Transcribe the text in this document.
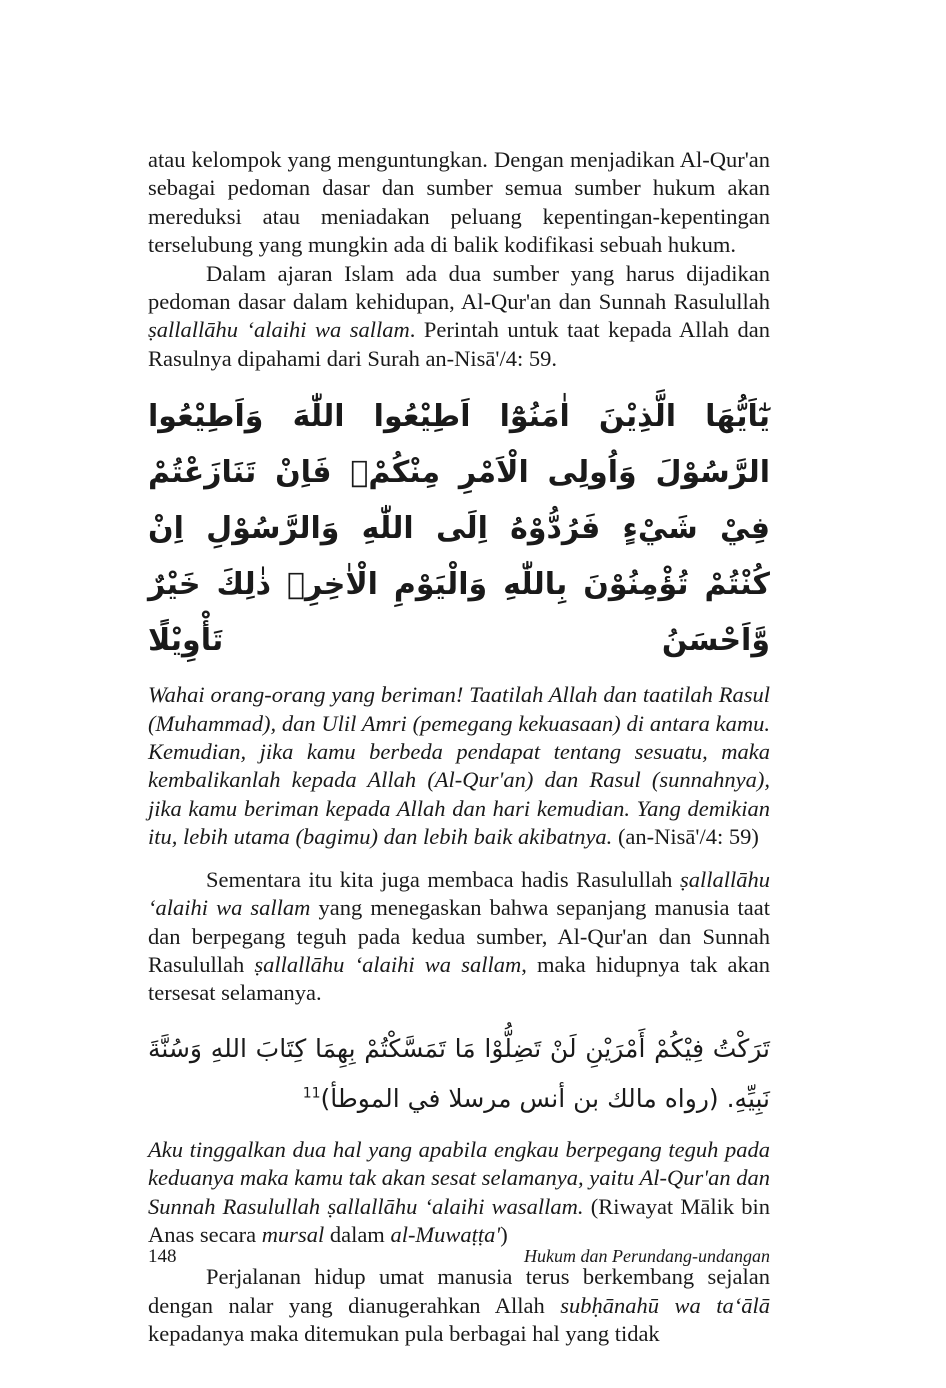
atau kelompok yang menguntungkan. Dengan menjadikan Al-Qur'an sebagai pedoman dasar dan sumber semua sumber hukum akan mereduksi atau meniadakan peluang kepentingan-kepentingan terselubung yang mungkin ada di balik kodifikasi sebuah hukum.

Dalam ajaran Islam ada dua sumber yang harus dijadikan pedoman dasar dalam kehidupan, Al-Qur'an dan Sunnah Rasulullah ṣallallāhu ‘alaihi wa sallam. Perintah untuk taat kepada Allah dan Rasulnya dipahami dari Surah an-Nisā'/4: 59.

يٰٓاَيُّهَا الَّذِيْنَ اٰمَنُوْٓا اَطِيْعُوا اللّٰهَ وَاَطِيْعُوا الرَّسُوْلَ وَاُولِى الْاَمْرِ مِنْكُمْۚ فَاِنْ تَنَازَعْتُمْ فِيْ شَيْءٍ فَرُدُّوْهُ اِلَى اللّٰهِ وَالرَّسُوْلِ اِنْ كُنْتُمْ تُؤْمِنُوْنَ بِاللّٰهِ وَالْيَوْمِ الْاٰخِرِۗ ذٰلِكَ خَيْرٌ وَّاَحْسَنُ تَأْوِيْلًا

Wahai orang-orang yang beriman! Taatilah Allah dan taatilah Rasul (Muhammad), dan Ulil Amri (pemegang kekuasaan) di antara kamu. Kemudian, jika kamu berbeda pendapat tentang sesuatu, maka kembalikanlah kepada Allah (Al-Qur'an) dan Rasul (sunnahnya), jika kamu beriman kepada Allah dan hari kemudian. Yang demikian itu, lebih utama (bagimu) dan lebih baik akibatnya. (an-Nisā'/4: 59)

Sementara itu kita juga membaca hadis Rasulullah ṣallallāhu ‘alaihi wa sallam yang menegaskan bahwa sepanjang manusia taat dan berpegang teguh pada kedua sumber, Al-Qur'an dan Sunnah Rasulullah ṣallallāhu ‘alaihi wa sallam, maka hidupnya tak akan tersesat selamanya.

تَرَكْتُ فِيْكُمْ أَمْرَيْنِ لَنْ تَضِلُّوْا مَا تَمَسَّكْتُمْ بِهِمَا كِتَابَ اللهِ وَسُنَّةَ نَبِيِّهِ. (رواه مالك بن أنس مرسلا في الموطأ)$^{11}$

Aku tinggalkan dua hal yang apabila engkau berpegang teguh pada keduanya maka kamu tak akan sesat selamanya, yaitu Al-Qur'an dan Sunnah Rasulullah ṣallallāhu ‘alaihi wasallam. (Riwayat Mālik bin Anas secara mursal dalam al-Muwaṭṭa')

Perjalanan hidup umat manusia terus berkembang sejalan dengan nalar yang dianugerahkan Allah subḥānahū wa ta‘ālā kepadanya maka ditemukan pula berbagai hal yang tidak

148	Hukum dan Perundang-undangan
